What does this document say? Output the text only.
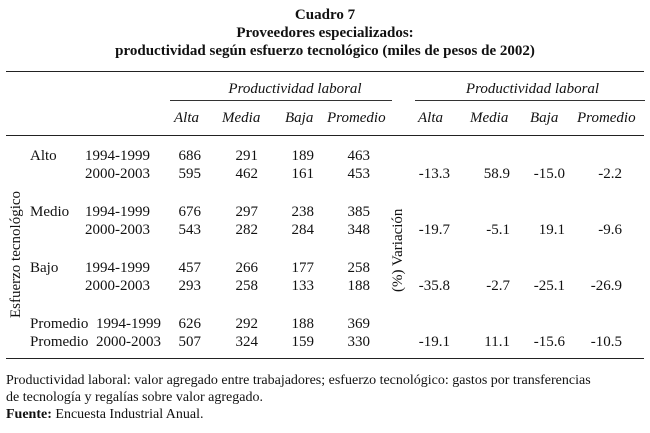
Cuadro 7
Proveedores especializados:
productividad según esfuerzo tecnológico (miles de pesos de 2002)
Productividad laboral	Productividad laboral
Alta Media Baja Promedio Alta Media Baja Promedio
Esfuerzo tecnológico	(%) Variación
Alto 1994-1999	686	291	189	463
2000-2003	595	462	161	453	-13.3	58.9	-15.0	-2.2
Medio 1994-1999	676	297	238	385
2000-2003	543	282	284	348	-19.7	-5.1	19.1	-9.6
Bajo 1994-1999	457	266	177	258
2000-2003	293	258	133	188	-35.8	-2.7	-25.1	-26.9
Promedio 1994-1999	626	292	188	369
Promedio 2000-2003	507	324	159	330	-19.1	11.1	-15.6	-10.5
Productividad laboral: valor agregado entre trabajadores; esfuerzo tecnológico: gastos por transferencias
de tecnología y regalías sobre valor agregado.
Fuente: Encuesta Industrial Anual.
